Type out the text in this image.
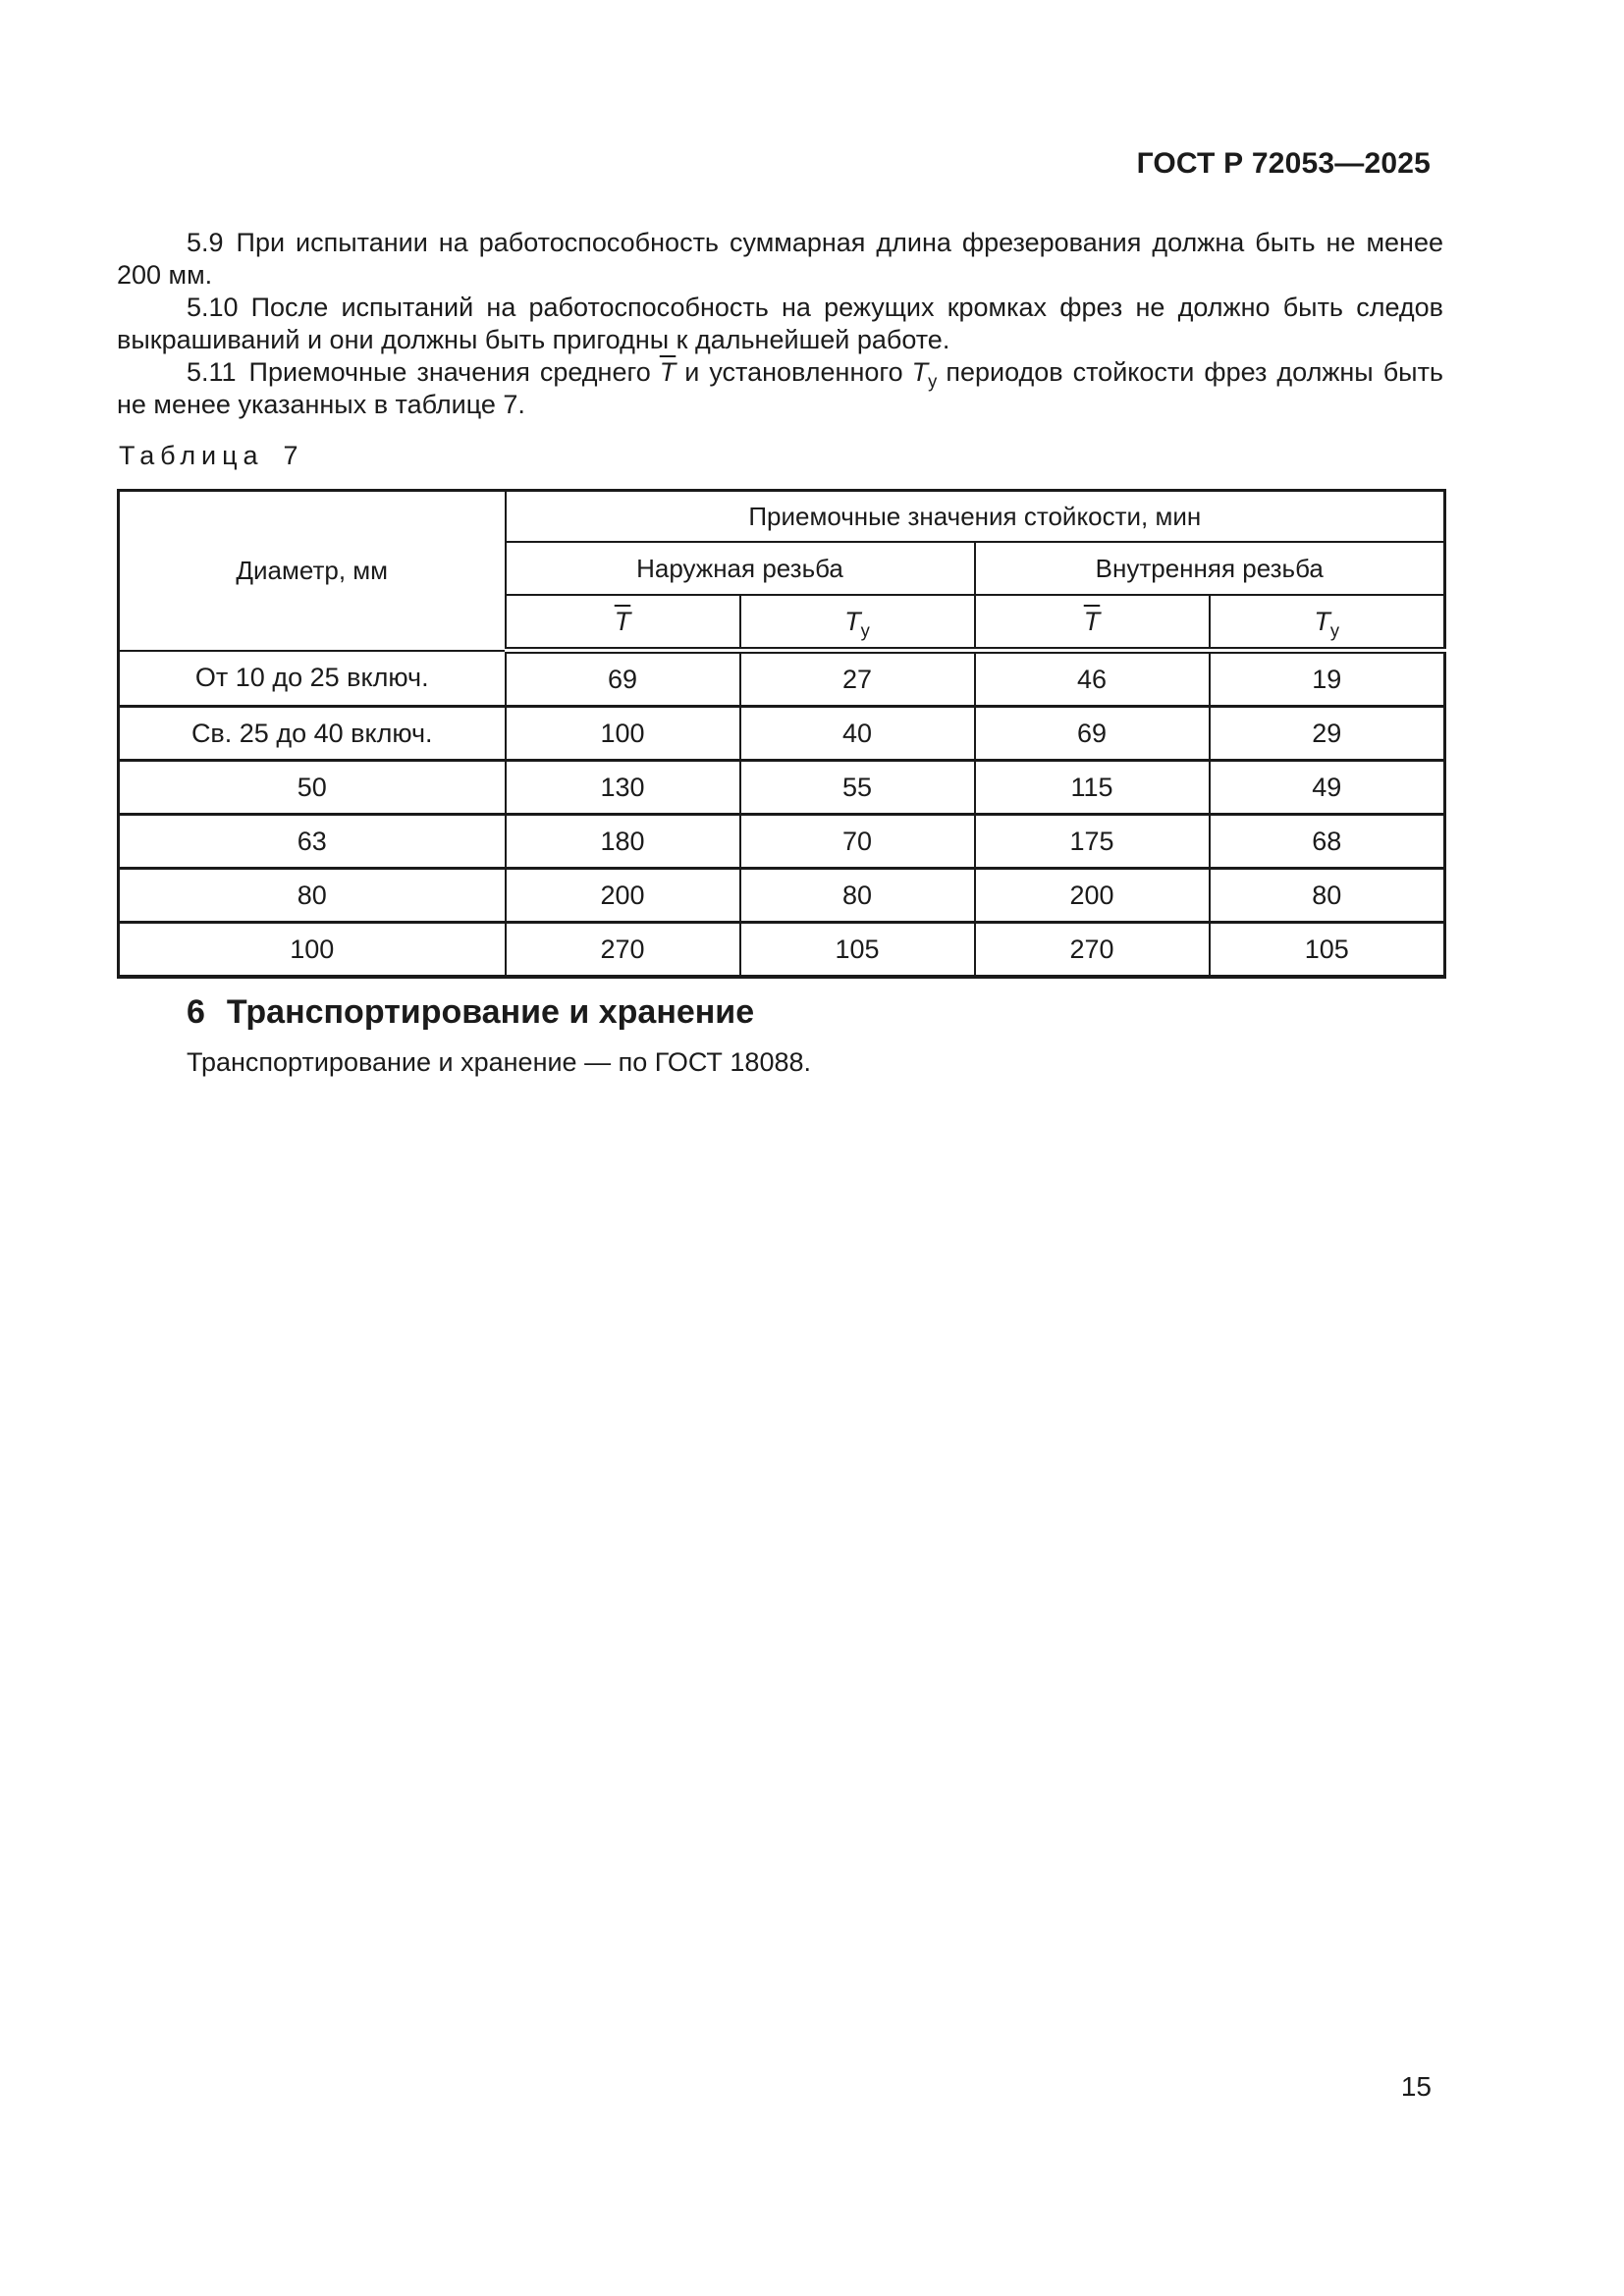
ГОСТ Р 72053—2025

5.9 При испытании на работоспособность суммарная длина фрезерования должна быть не менее 200 мм.

5.10 После испытаний на работоспособность на режущих кромках фрез не должно быть следов выкрашиваний и они должны быть пригодны к дальнейшей работе.

5.11 Приемочные значения среднего $\overline{T}$ и установленного $T_у$ периодов стойкости фрез должны быть не менее указанных в таблице 7.

Таблица 7
Диаметр, мм	Приемочные значения стойкости, мин			
	Наружная резьба		Внутренняя резьба	
	$\overline{T}$	$T_у$	$\overline{T}$	$T_у$
От 10 до 25 включ.	69	27	46	19
Св. 25 до 40 включ.	100	40	69	29
50	130	55	115	49
63	180	70	175	68
80	200	80	200	80
100	270	105	270	105
6 Транспортирование и хранение

Транспортирование и хранение — по ГОСТ 18088.

15
